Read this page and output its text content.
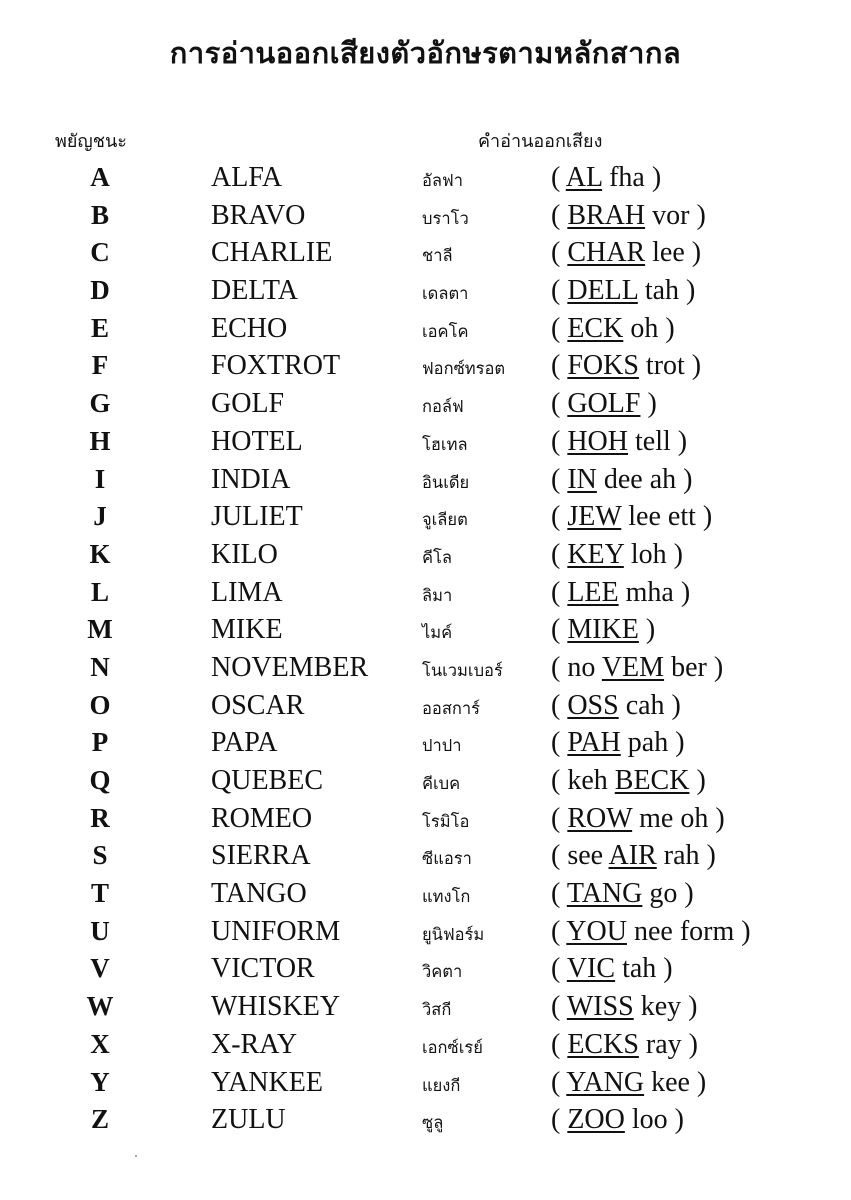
การอ่านออกเสียงตัวอักษรตามหลักสากล
พยัญชนะ	คำอ่านออกเสียง
A	ALFA	อัลฟา	( AL fha )
B	BRAVO	บราโว	( BRAH vor )
C	CHARLIE	ชาลี	( CHAR lee )
D	DELTA	เดลตา	( DELL tah )
E	ECHO	เอคโค	( ECK oh )
F	FOXTROT	ฟอกซ์ทรอต ( FOKS trot )
G	GOLF	กอล์ฟ	( GOLF )
H	HOTEL	โฮเทล	( HOH tell )
I	INDIA	อินเดีย	( IN dee ah )
J	JULIET	จูเลียต	( JEW lee ett )
K	KILO	คีโล	( KEY loh )
L	LIMA	ลิมา	( LEE mha )
M	MIKE	ไมค์	( MIKE )
N	NOVEMBER	โนเวมเบอร์ ( no VEM ber )
O	OSCAR	ออสการ์	( OSS cah )
P	PAPA	ปาปา	( PAH pah )
Q	QUEBEC	คีเบค	( keh BECK )
R	ROMEO	โรมิโอ	( ROW me oh )
S	SIERRA	ซีแอรา	( see AIR rah )
T	TANGO	แทงโก	( TANG go )
U	UNIFORM	ยูนิฟอร์ม ( YOU nee form )
V	VICTOR	วิคตา	( VIC tah )
W	WHISKEY	วิสกี	( WISS key )
X	X-RAY	เอกซ์เรย์ ( ECKS ray )
Y	YANKEE	แยงกี	( YANG kee )
Z	ZULU	ซูลู	( ZOO loo )
